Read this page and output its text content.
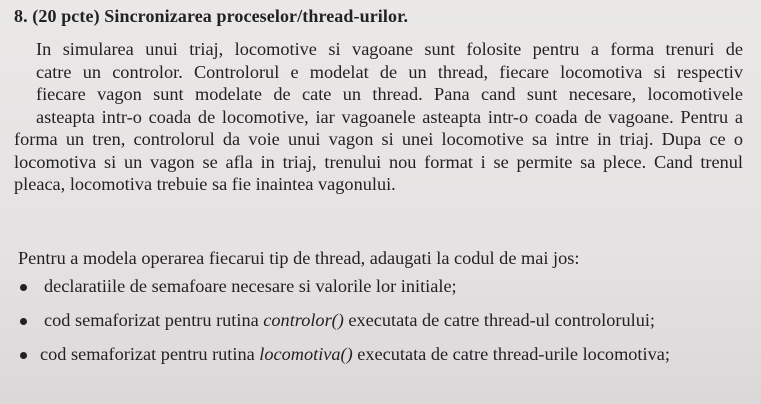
8. (20 pcte) Sincronizarea proceselor/thread-urilor.
In simularea unui triaj, locomotive si vagoane sunt folosite pentru a forma trenuri de
catre un controlor. Controlorul e modelat de un thread, fiecare locomotiva si respectiv
fiecare vagon sunt modelate de cate un thread. Pana cand sunt necesare, locomotivele
asteapta intr-o coada de locomotive, iar vagoanele asteapta intr-o coada de vagoane. Pentru a
forma un tren, controlorul da voie unui vagon si unei locomotive sa intre in triaj. Dupa ce o
locomotiva si un vagon se afla in triaj, trenului nou format i se permite sa plece. Cand trenul
pleaca, locomotiva trebuie sa fie inaintea vagonului.
Pentru a modela operarea fiecarui tip de thread, adaugati la codul de mai jos:
declaratiile de semafoare necesare si valorile lor initiale;
cod semaforizat pentru rutina controlor() executata de catre thread-ul controlorului;
cod semaforizat pentru rutina locomotiva() executata de catre thread-urile locomotiva;
